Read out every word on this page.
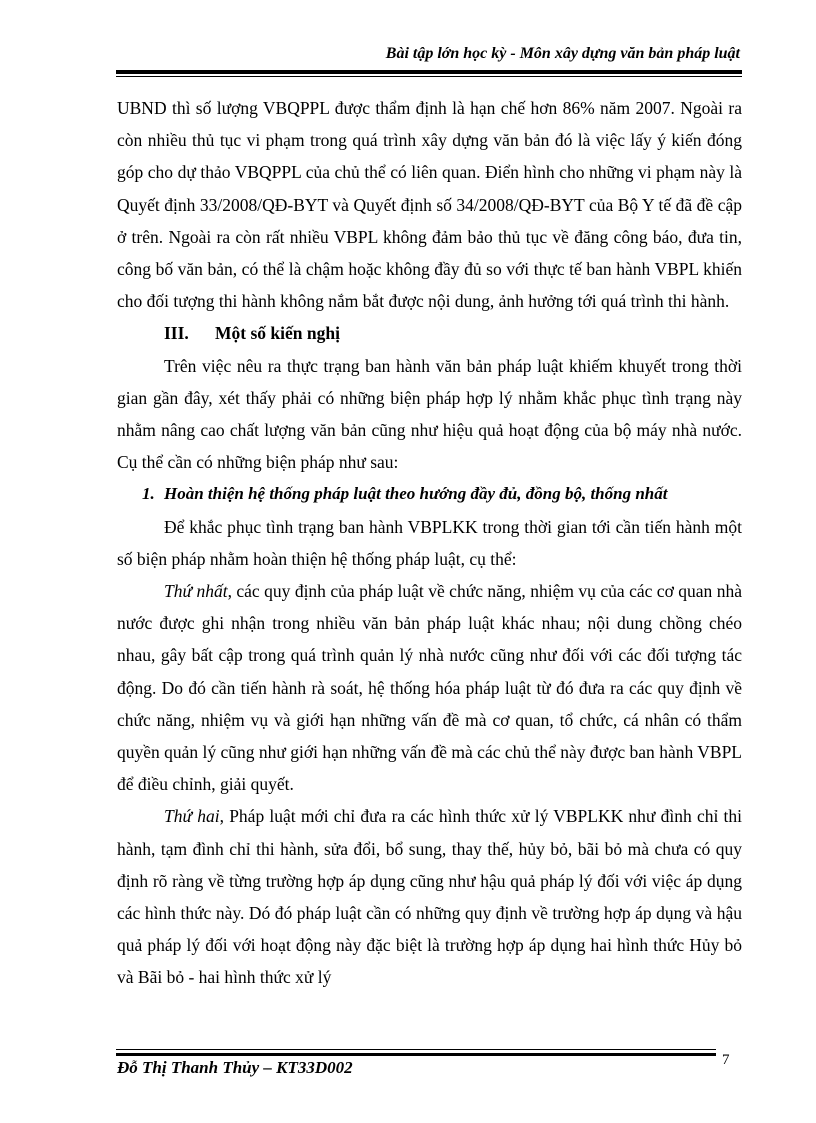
Bài tập lớn học kỳ - Môn xây dựng văn bản pháp luật

UBND thì số lượng VBQPPL được thẩm định là hạn chế hơn 86% năm 2007. Ngoài ra còn nhiều thủ tục vi phạm trong quá trình xây dựng văn bản đó là việc lấy ý kiến đóng góp cho dự thảo VBQPPL của chủ thể có liên quan. Điển hình cho những vi phạm này là Quyết định 33/2008/QĐ-BYT và Quyết định số 34/2008/QĐ-BYT của Bộ Y tế đã đề cập ở trên. Ngoài ra còn rất nhiều VBPL không đảm bảo thủ tục về đăng công báo, đưa tin, công bố văn bản, có thể là chậm hoặc không đầy đủ so với thực tế ban hành VBPL khiến cho đối tượng thi hành không nắm bắt được nội dung, ảnh hưởng tới quá trình thi hành.

III. Một số kiến nghị

Trên việc nêu ra thực trạng ban hành văn bản pháp luật khiếm khuyết trong thời gian gần đây, xét thấy phải có những biện pháp hợp lý nhằm khắc phục tình trạng này nhằm nâng cao chất lượng văn bản cũng như hiệu quả hoạt động của bộ máy nhà nước. Cụ thể cần có những biện pháp như sau:

1. Hoàn thiện hệ thống pháp luật theo hướng đầy đủ, đồng bộ, thống nhất

Để khắc phục tình trạng ban hành VBPLKK trong thời gian tới cần tiến hành một số biện pháp nhằm hoàn thiện hệ thống pháp luật, cụ thể:

Thứ nhất, các quy định của pháp luật về chức năng, nhiệm vụ của các cơ quan nhà nước được ghi nhận trong nhiều văn bản pháp luật khác nhau; nội dung chồng chéo nhau, gây bất cập trong quá trình quản lý nhà nước cũng như đối với các đối tượng tác động. Do đó cần tiến hành rà soát, hệ thống hóa pháp luật từ đó đưa ra các quy định về chức năng, nhiệm vụ và giới hạn những vấn đề mà cơ quan, tổ chức, cá nhân có thẩm quyền quản lý cũng như giới hạn những vấn đề mà các chủ thể này được ban hành VBPL để điều chỉnh, giải quyết.

Thứ hai, Pháp luật mới chỉ đưa ra các hình thức xử lý VBPLKK như đình chỉ thi hành, tạm đình chỉ thi hành, sửa đổi, bổ sung, thay thế, hủy bỏ, bãi bỏ mà chưa có quy định rõ ràng về từng trường hợp áp dụng cũng như hậu quả pháp lý đối với việc áp dụng các hình thức này. Dó đó pháp luật cần có những quy định về trường hợp áp dụng và hậu quả pháp lý đối với hoạt động này đặc biệt là trường hợp áp dụng hai hình thức Hủy bỏ và Bãi bỏ - hai hình thức xử lý

Đỗ Thị Thanh Thủy – KT33D002	7
